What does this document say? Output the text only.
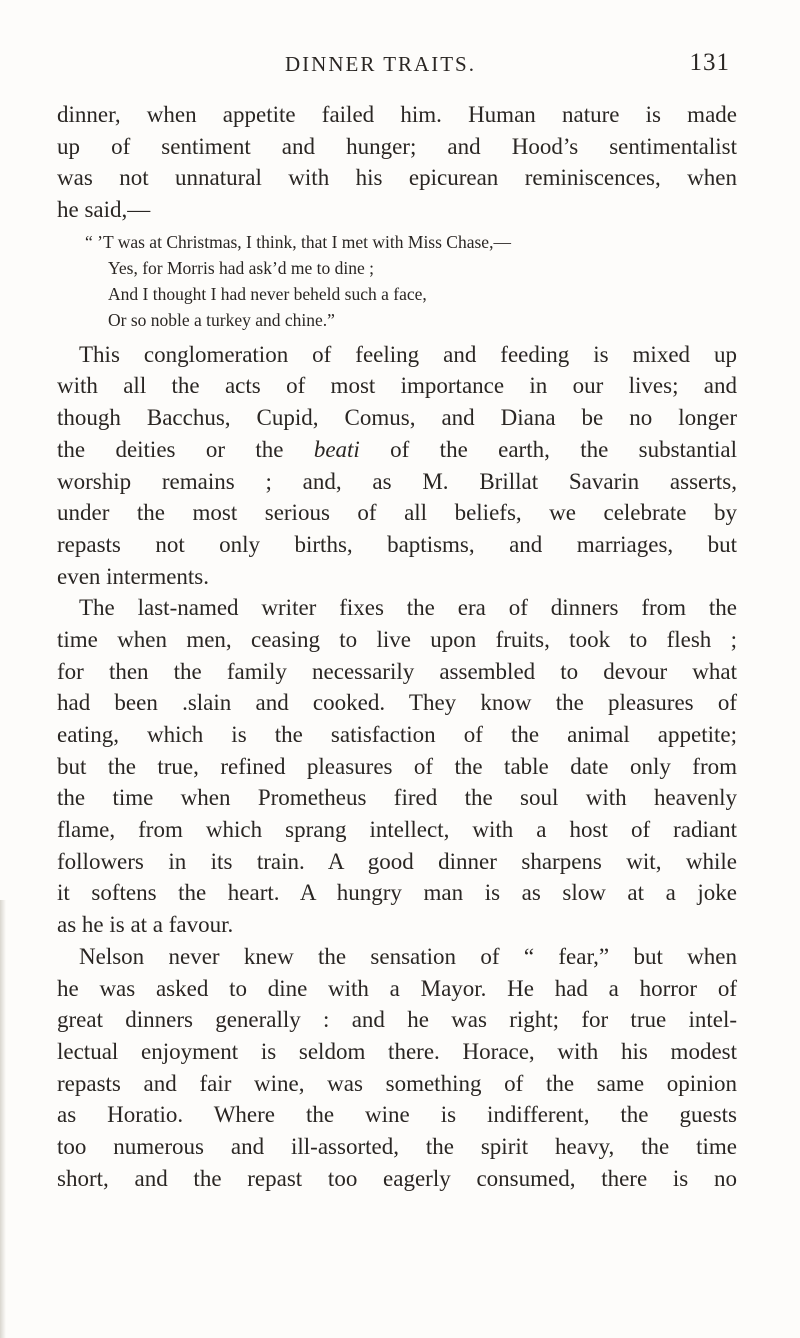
DINNER TRAITS.	131
dinner, when appetite failed him. Human nature is made
up of sentiment and hunger; and Hood’s sentimentalist
was not unnatural with his epicurean reminiscences, when
he said,—
“ ’T was at Christmas, I think, that I met with Miss Chase,—
Yes, for Morris had ask’d me to dine ;
And I thought I had never beheld such a face,
Or so noble a turkey and chine.”
This conglomeration of feeling and feeding is mixed up
with all the acts of most importance in our lives; and
though Bacchus, Cupid, Comus, and Diana be no longer
the deities or the beati of the earth, the substantial
worship remains ; and, as M. Brillat Savarin asserts,
under the most serious of all beliefs, we celebrate by
repasts not only births, baptisms, and marriages, but
even interments.
The last-named writer fixes the era of dinners from the
time when men, ceasing to live upon fruits, took to flesh ;
for then the family necessarily assembled to devour what
had been .slain and cooked. They know the pleasures of
eating, which is the satisfaction of the animal appetite;
but the true, refined pleasures of the table date only from
the time when Prometheus fired the soul with heavenly
flame, from which sprang intellect, with a host of radiant
followers in its train. A good dinner sharpens wit, while
it softens the heart. A hungry man is as slow at a joke
as he is at a favour.
Nelson never knew the sensation of “ fear,” but when
he was asked to dine with a Mayor. He had a horror of
great dinners generally : and he was right; for true intel-
lectual enjoyment is seldom there. Horace, with his modest
repasts and fair wine, was something of the same opinion
as Horatio. Where the wine is indifferent, the guests
too numerous and ill-assorted, the spirit heavy, the time
short, and the repast too eagerly consumed, there is no
